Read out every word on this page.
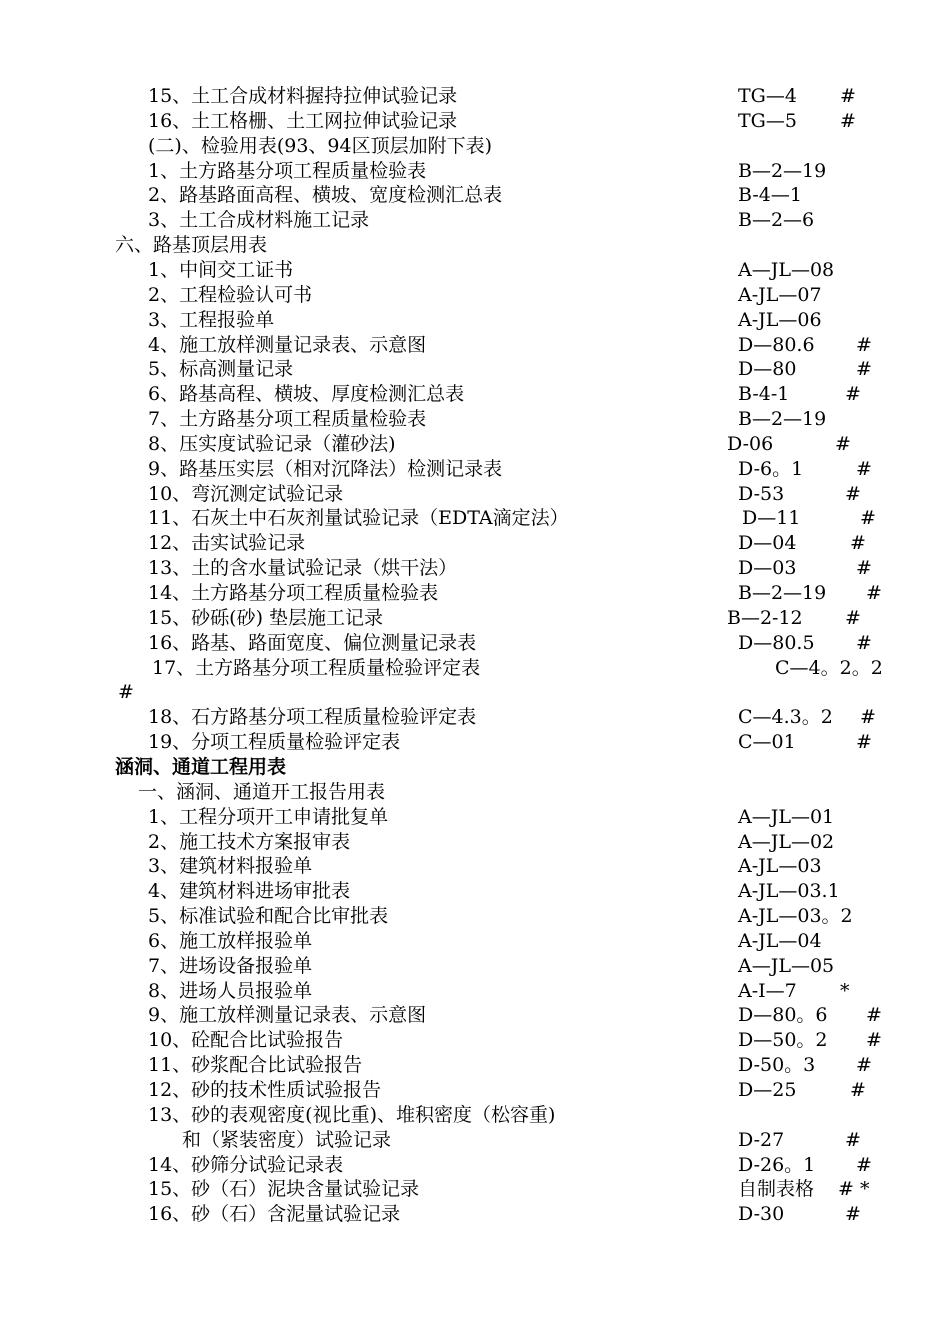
15、土工合成材料握持拉伸试验记录	TG—4 #
16、土工格栅、土工网拉伸试验记录	TG—5 #
(二)、检验用表(93、94区顶层加附下表)
1、土方路基分项工程质量检验表	B—2—19
2、路基路面高程、横坡、宽度检测汇总表	B-4—1
3、土工合成材料施工记录	B—2—6
六、路基顶层用表
1、中间交工证书	A—JL—08
2、工程检验认可书	A-JL—07
3、工程报验单	A-JL—06
4、施工放样测量记录表、示意图	D—80.6 #
5、标高测量记录	D—80	#
6、路基高程、横坡、厚度检测汇总表	B-4-1	#
7、土方路基分项工程质量检验表	B—2—19
8、压实度试验记录（灌砂法)	D-06	#
9、路基压实层（相对沉降法）检测记录表	D-6。1	#
10、弯沉测定试验记录	D-53	#
11、石灰土中石灰剂量试验记录（EDTA滴定法）	D—11	#
12、击实试验记录	D—04	#
13、土的含水量试验记录（烘干法）	D—03	#
14、土方路基分项工程质量检验表	B—2—19 #
15、砂砾(砂) 垫层施工记录	B—2-12 #
16、路基、路面宽度、偏位测量记录表	D—80.5 #
17、土方路基分项工程质量检验评定表	C—4。2。2
#
18、石方路基分项工程质量检验评定表	C—4.3。2 #
19、分项工程质量检验评定表	C—01	#
涵洞、通道工程用表
一、涵洞、通道开工报告用表
1、工程分项开工申请批复单	A—JL—01
2、施工技术方案报审表	A—JL—02
3、建筑材料报验单	A-JL—03
4、建筑材料进场审批表	A-JL—03.1
5、标准试验和配合比审批表	A-JL—03。2
6、施工放样报验单	A-JL—04
7、进场设备报验单	A—JL—05
8、进场人员报验单	A-I—7 *
9、施工放样测量记录表、示意图	D—80。6 #
10、砼配合比试验报告	D—50。2 #
11、砂浆配合比试验报告	D-50。3 #
12、砂的技术性质试验报告	D—25	#
13、砂的表观密度(视比重)、堆积密度（松容重)
和（紧装密度）试验记录	D-27	#
14、砂筛分试验记录表	D-26。1 #
15、砂（石）泥块含量试验记录	自制表格 # *
16、砂（石）含泥量试验记录	D-30	#
